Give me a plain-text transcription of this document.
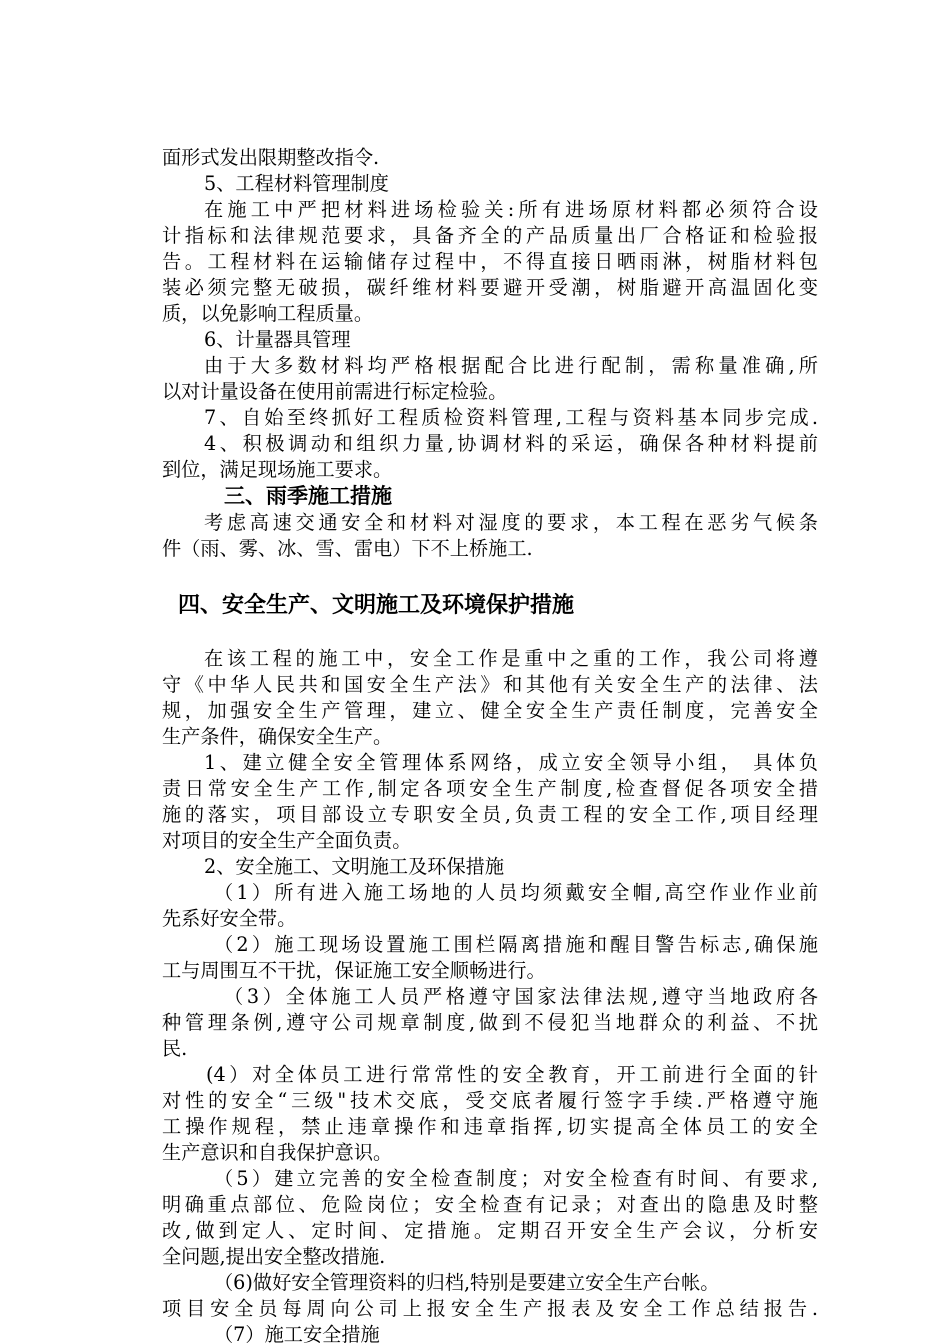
面形式发出限期整改指令.
5、工程材料管理制度
在施工中严把材料进场检验关:所有进场原材料都必须符合设
计指标和法律规范要求，具备齐全的产品质量出厂合格证和检验报
告。工程材料在运输储存过程中，不得直接日晒雨淋，树脂材料包
装必须完整无破损，碳纤维材料要避开受潮，树脂避开高温固化变
质，以免影响工程质量。
6、计量器具管理
由于大多数材料均严格根据配合比进行配制，需称量准确,所
以对计量设备在使用前需进行标定检验。
7、自始至终抓好工程质检资料管理,工程与资料基本同步完成.
4、积极调动和组织力量,协调材料的采运，确保各种材料提前
到位，满足现场施工要求。
三、雨季施工措施
考虑高速交通安全和材料对湿度的要求，本工程在恶劣气候条
件（雨、雾、冰、雪、雷电）下不上桥施工.
四、安全生产、文明施工及环境保护措施
在该工程的施工中，安全工作是重中之重的工作，我公司将遵
守《中华人民共和国安全生产法》和其他有关安全生产的法律、法
规，加强安全生产管理，建立、健全安全生产责任制度，完善安全
生产条件，确保安全生产。
1、建立健全安全管理体系网络，成立安全领导小组， 具体负
责日常安全生产工作,制定各项安全生产制度,检查督促各项安全措
施的落实，项目部设立专职安全员,负责工程的安全工作,项目经理
对项目的安全生产全面负责。
2、安全施工、文明施工及环保措施
（1）所有进入施工场地的人员均须戴安全帽,高空作业作业前
先系好安全带。
（2）施工现场设置施工围栏隔离措施和醒目警告标志,确保施
工与周围互不干扰，保证施工安全顺畅进行。
（3）全体施工人员严格遵守国家法律法规,遵守当地政府各
种管理条例,遵守公司规章制度,做到不侵犯当地群众的利益、不扰
民.
(4）对全体员工进行常常性的安全教育，开工前进行全面的针
对性的安全“三级"技术交底，受交底者履行签字手续.严格遵守施
工操作规程，禁止违章操作和违章指挥,切实提高全体员工的安全
生产意识和自我保护意识。
（5）建立完善的安全检查制度；对安全检查有时间、有要求,
明确重点部位、危险岗位；安全检查有记录；对查出的隐患及时整
改,做到定人、定时间、定措施。定期召开安全生产会议，分析安
全问题,提出安全整改措施.
（6)做好安全管理资料的归档,特别是要建立安全生产台帐。
项目安全员每周向公司上报安全生产报表及安全工作总结报告.
（7）施工安全措施
